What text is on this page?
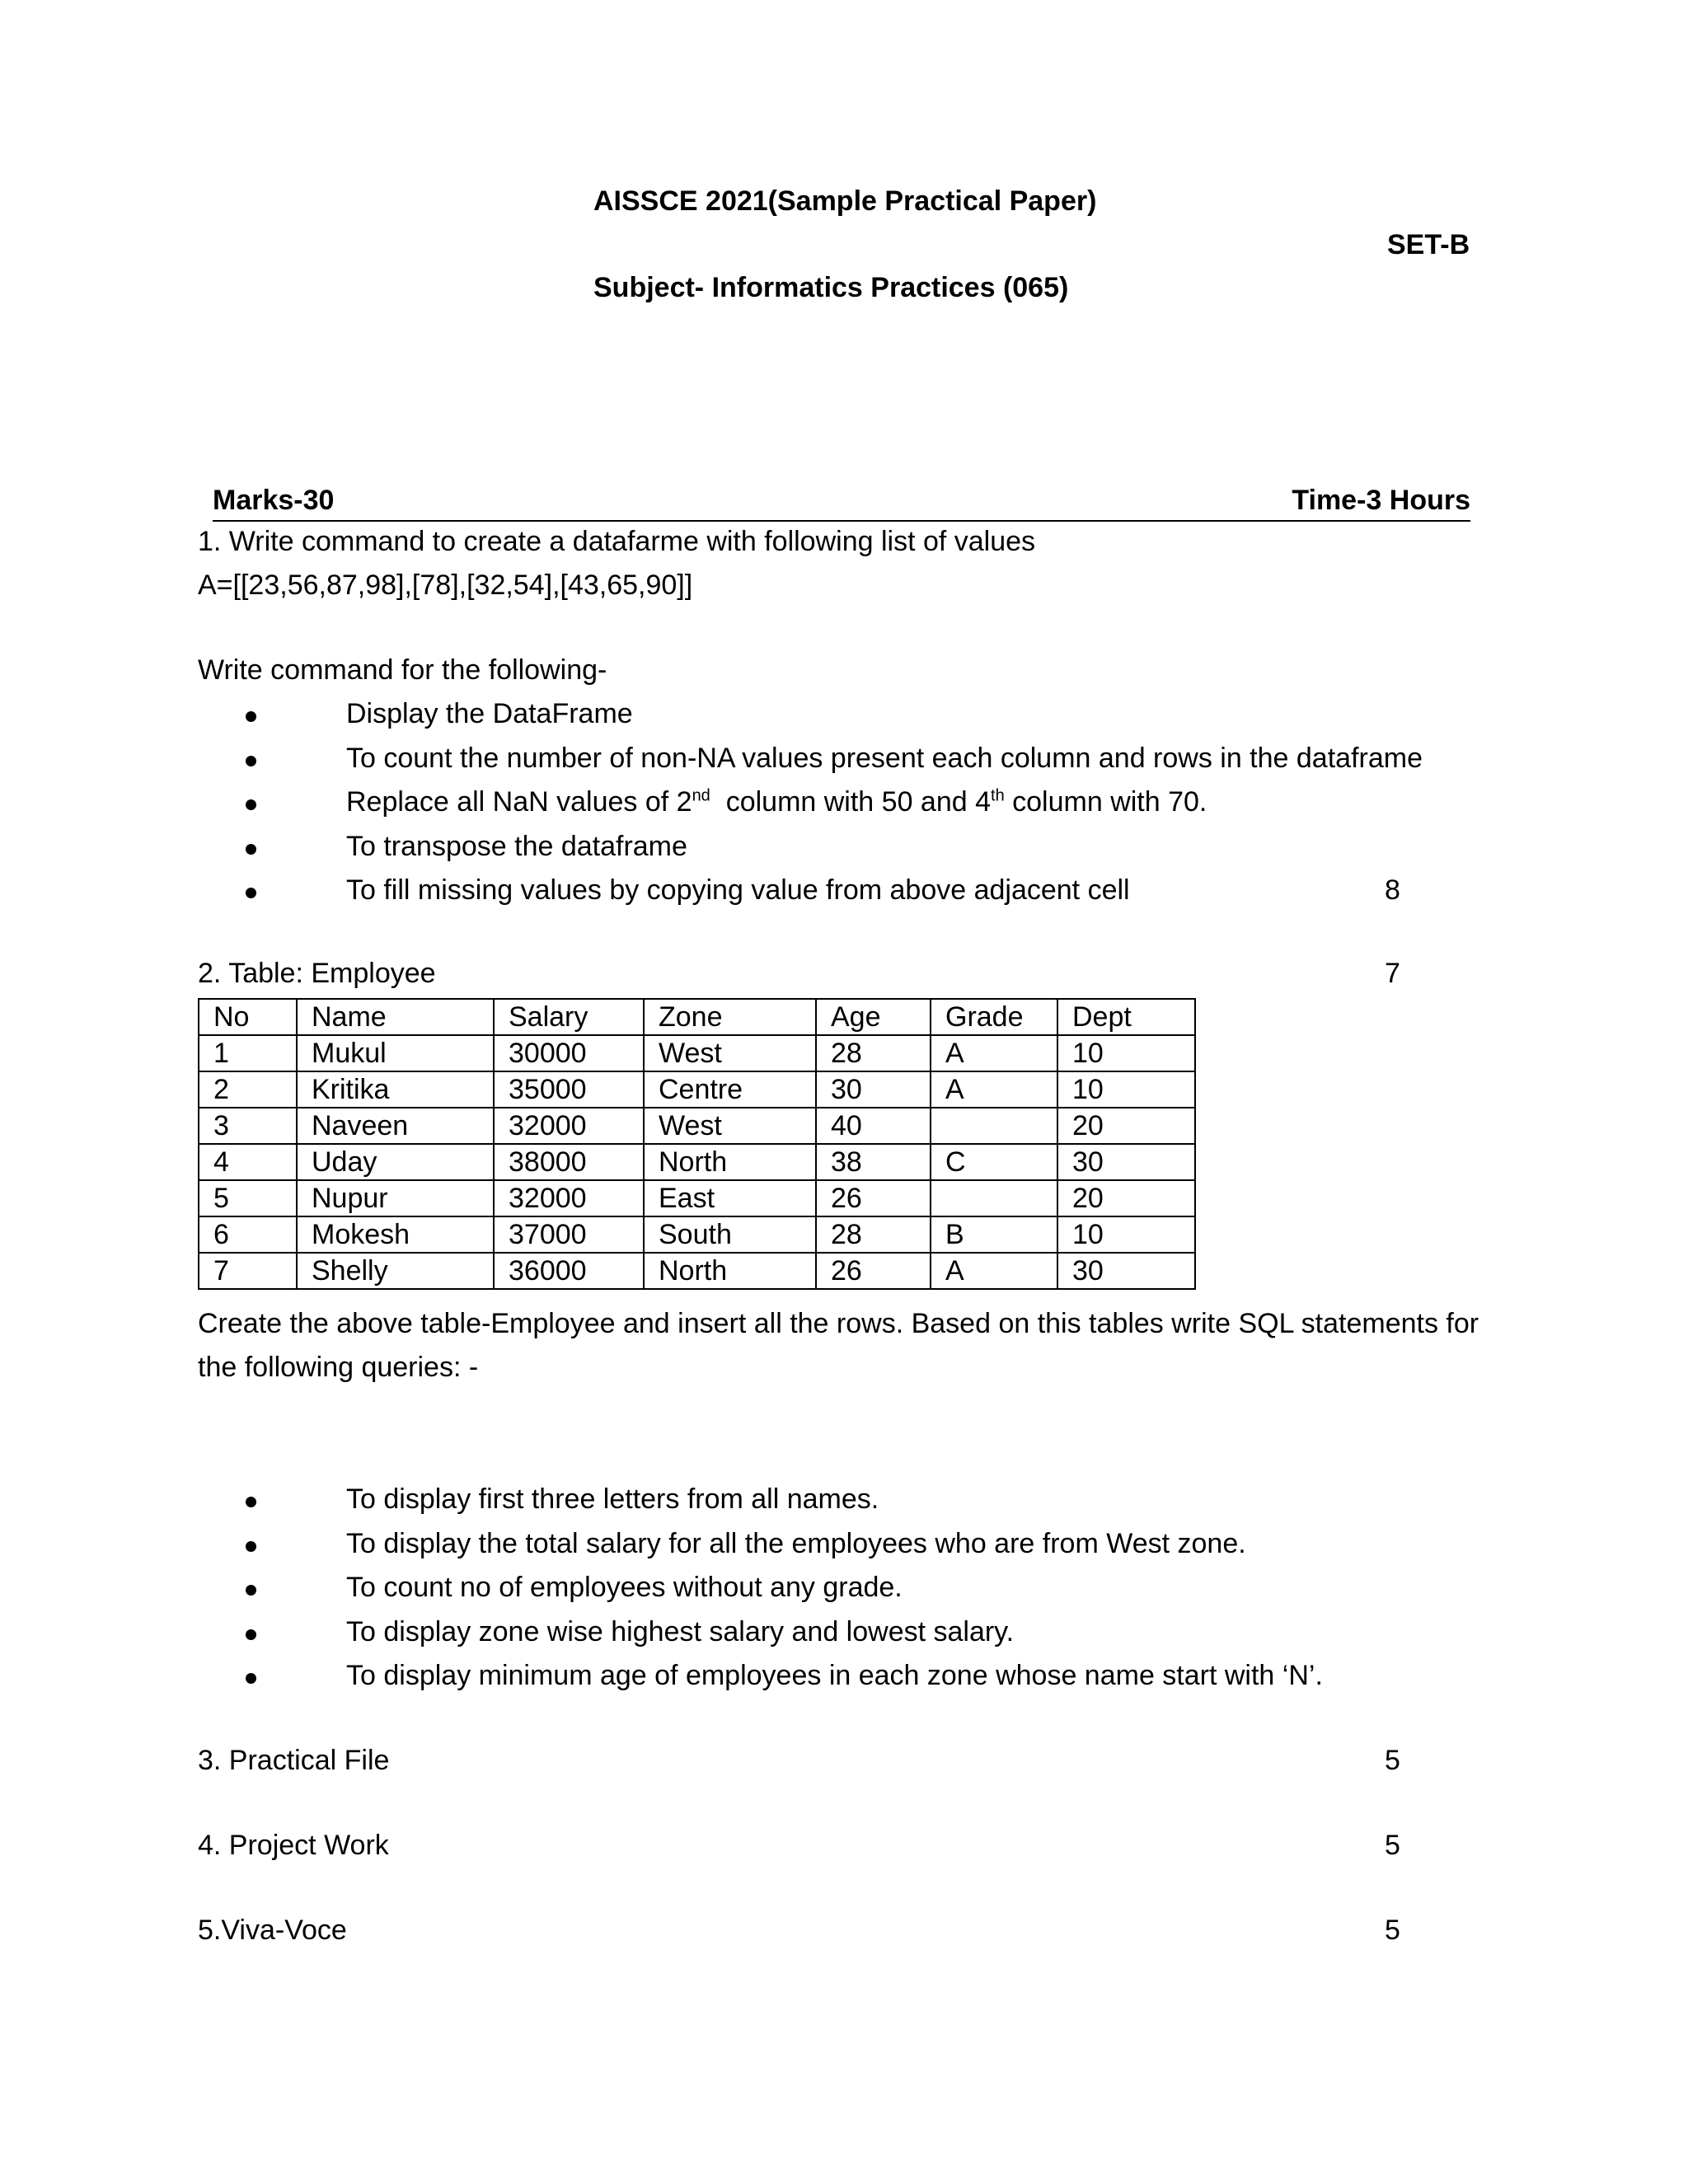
AISSCE 2021(Sample Practical Paper)
SET-B
Subject- Informatics Practices (065)
Marks-30	Time-3 Hours
1. Write command to create a datafarme with following list of values
A=[[23,56,87,98],[78],[32,54],[43,65,90]]
Write command for the following-
Display the DataFrame
To count the number of non-NA values present each column and rows in the dataframe
Replace all NaN values of 2nd  column with 50 and 4th column with 70.
To transpose the dataframe
To fill missing values by copying value from above adjacent cell	8
2. Table: Employee	7
No	Name	Salary	Zone	Age	Grade	Dept
1	Mukul	30000	West	28	A	10
2	Kritika	35000	Centre	30	A	10
3	Naveen	32000	West	40		20
4	Uday	38000	North	38	C	30
5	Nupur	32000	East	26		20
6	Mokesh	37000	South	28	B	10
7	Shelly	36000	North	26	A	30
Create the above table-Employee and insert all the rows. Based on this tables write SQL statements for the following queries: -
To display first three letters from all names.
To display the total salary for all the employees who are from West zone.
To count no of employees without any grade.
To display zone wise highest salary and lowest salary.
To display minimum age of employees in each zone whose name start with ‘N’.
3. Practical File	5
4. Project Work	5
5.Viva-Voce	5
